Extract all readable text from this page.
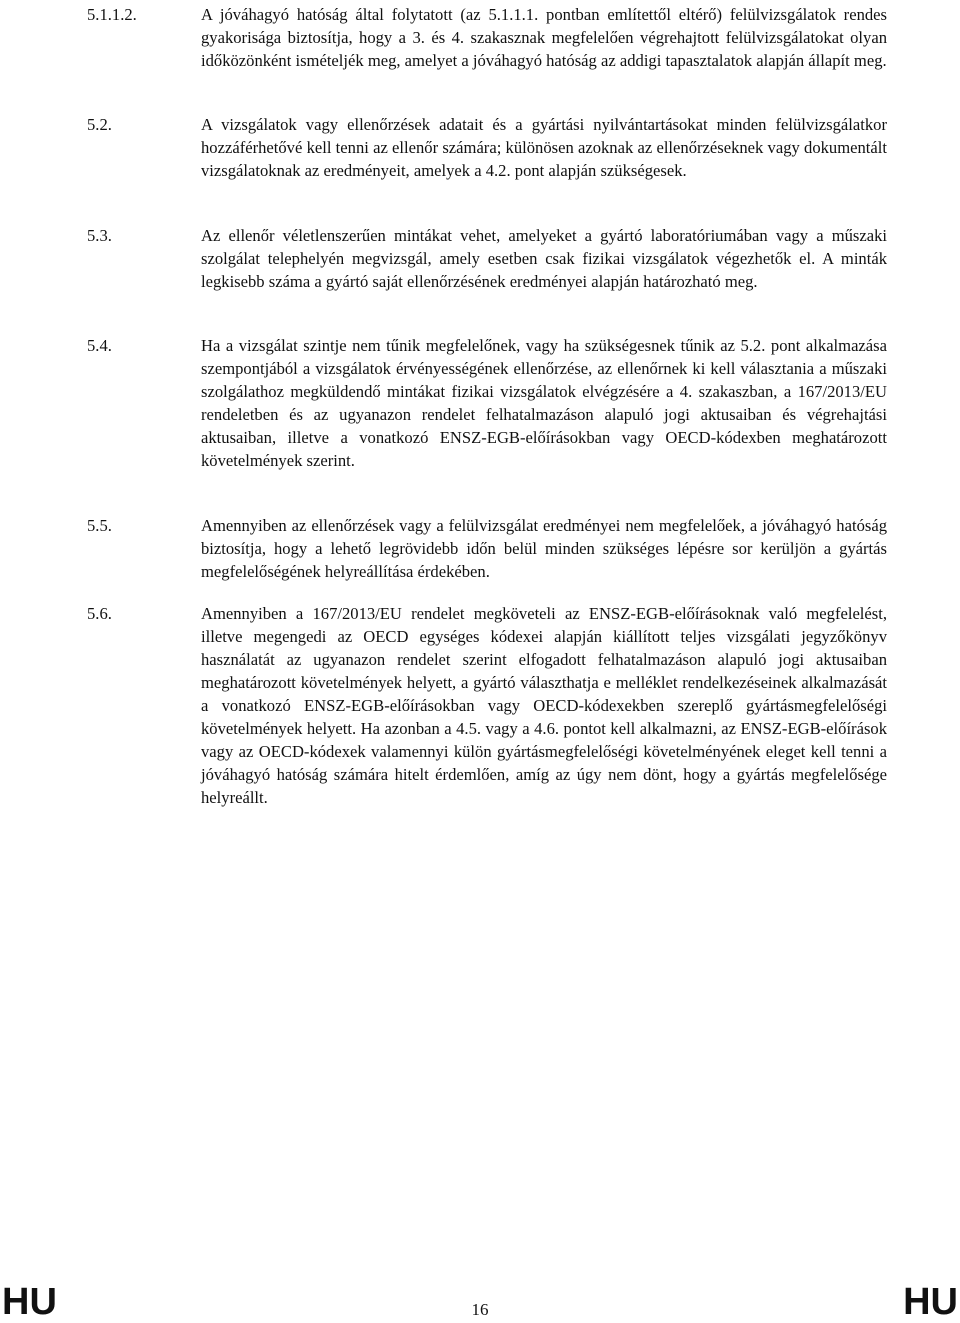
5.1.1.2.	A jóváhagyó hatóság által folytatott (az 5.1.1.1. pontban említettől eltérő) felülvizsgálatok rendes gyakorisága biztosítja, hogy a 3. és 4. szakasznak megfelelően végrehajtott felülvizsgálatokat olyan időközönként ismételjék meg, amelyet a jóváhagyó hatóság az addigi tapasztalatok alapján állapít meg.
5.2.	A vizsgálatok vagy ellenőrzések adatait és a gyártási nyilvántartásokat minden felülvizsgálatkor hozzáférhetővé kell tenni az ellenőr számára; különösen azoknak az ellenőrzéseknek vagy dokumentált vizsgálatoknak az eredményeit, amelyek a 4.2. pont alapján szükségesek.
5.3.	Az ellenőr véletlenszerűen mintákat vehet, amelyeket a gyártó laboratóriumában vagy a műszaki szolgálat telephelyén megvizsgál, amely esetben csak fizikai vizsgálatok végezhetők el. A minták legkisebb száma a gyártó saját ellenőrzésének eredményei alapján határozható meg.
5.4.	Ha a vizsgálat szintje nem tűnik megfelelőnek, vagy ha szükségesnek tűnik az 5.2. pont alkalmazása szempontjából a vizsgálatok érvényességének ellenőrzése, az ellenőrnek ki kell választania a műszaki szolgálathoz megküldendő mintákat fizikai vizsgálatok elvégzésére a 4. szakaszban, a 167/2013/EU rendeletben és az ugyanazon rendelet felhatalmazáson alapuló jogi aktusaiban és végrehajtási aktusaiban, illetve a vonatkozó ENSZ-EGB-előírásokban vagy OECD-kódexben meghatározott követelmények szerint.
5.5.	Amennyiben az ellenőrzések vagy a felülvizsgálat eredményei nem megfelelőek, a jóváhagyó hatóság biztosítja, hogy a lehető legrövidebb időn belül minden szükséges lépésre sor kerüljön a gyártás megfelelőségének helyreállítása érdekében.
5.6.	Amennyiben a 167/2013/EU rendelet megköveteli az ENSZ-EGB-előírásoknak való megfelelést, illetve megengedi az OECD egységes kódexei alapján kiállított teljes vizsgálati jegyzőkönyv használatát az ugyanazon rendelet szerint elfogadott felhatalmazáson alapuló jogi aktusaiban meghatározott követelmények helyett, a gyártó választhatja e melléklet rendelkezéseinek alkalmazását a vonatkozó ENSZ-EGB-előírásokban vagy OECD-kódexekben szereplő gyártásmegfelelőségi követelmények helyett. Ha azonban a 4.5. vagy a 4.6. pontot kell alkalmazni, az ENSZ-EGB-előírások vagy az OECD-kódexek valamennyi külön gyártásmegfelelőségi követelményének eleget kell tenni a jóváhagyó hatóság számára hitelt érdemlően, amíg az úgy nem dönt, hogy a gyártás megfelelősége helyreállt.
HU	16	HU
